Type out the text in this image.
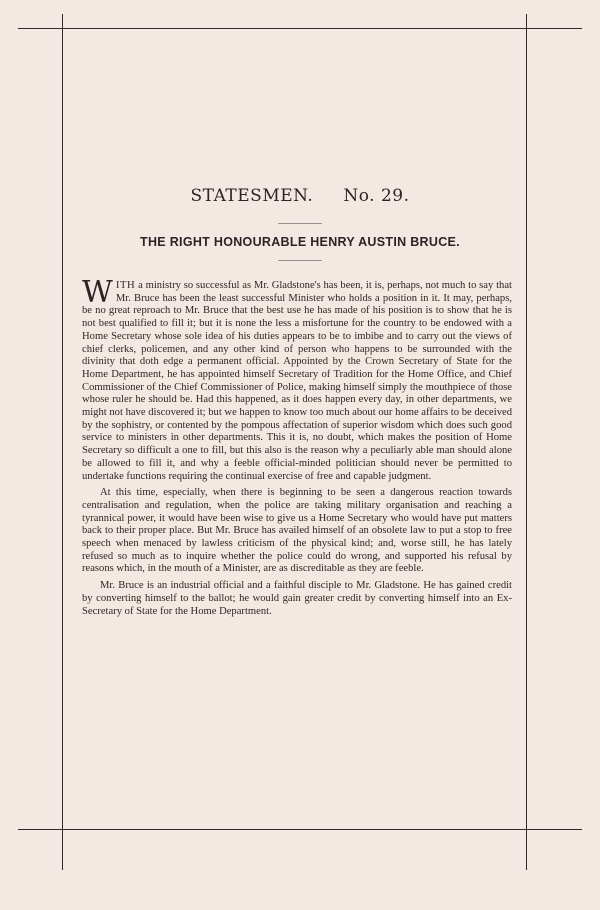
STATESMEN. No. 29.
THE RIGHT HONOURABLE HENRY AUSTIN BRUCE.

WITH a ministry so successful as Mr. Gladstone's has been, it is, perhaps, not much to say that Mr. Bruce has been the least successful Minister who holds a position in it. It may, perhaps, be no great reproach to Mr. Bruce that the best use he has made of his position is to show that he is not best qualified to fill it; but it is none the less a misfortune for the country to be endowed with a Home Secretary whose sole idea of his duties appears to be to imbibe and to carry out the views of chief clerks, policemen, and any other kind of person who happens to be surrounded with the divinity that doth edge a permanent official. Appointed by the Crown Secretary of State for the Home Department, he has appointed himself Secretary of Tradition for the Home Office, and Chief Commissioner of the Chief Commissioner of Police, making himself simply the mouthpiece of those whose ruler he should be. Had this happened, as it does happen every day, in other departments, we might not have discovered it; but we happen to know too much about our home affairs to be deceived by the sophistry, or contented by the pompous affectation of superior wisdom which does such good service to ministers in other departments. This it is, no doubt, which makes the position of Home Secretary so difficult a one to fill, but this also is the reason why a peculiarly able man should alone be allowed to fill it, and why a feeble official-minded politician should never be permitted to undertake functions requiring the continual exercise of free and capable judgment.

At this time, especially, when there is beginning to be seen a dangerous reaction towards centralisation and regulation, when the police are taking military organisation and reaching a tyrannical power, it would have been wise to give us a Home Secretary who would have put matters back to their proper place. But Mr. Bruce has availed himself of an obsolete law to put a stop to free speech when menaced by lawless criticism of the physical kind; and, worse still, he has lately refused so much as to inquire whether the police could do wrong, and supported his refusal by reasons which, in the mouth of a Minister, are as discreditable as they are feeble.

Mr. Bruce is an industrial official and a faithful disciple to Mr. Gladstone. He has gained credit by converting himself to the ballot; he would gain greater credit by converting himself into an Ex-Secretary of State for the Home Department.
